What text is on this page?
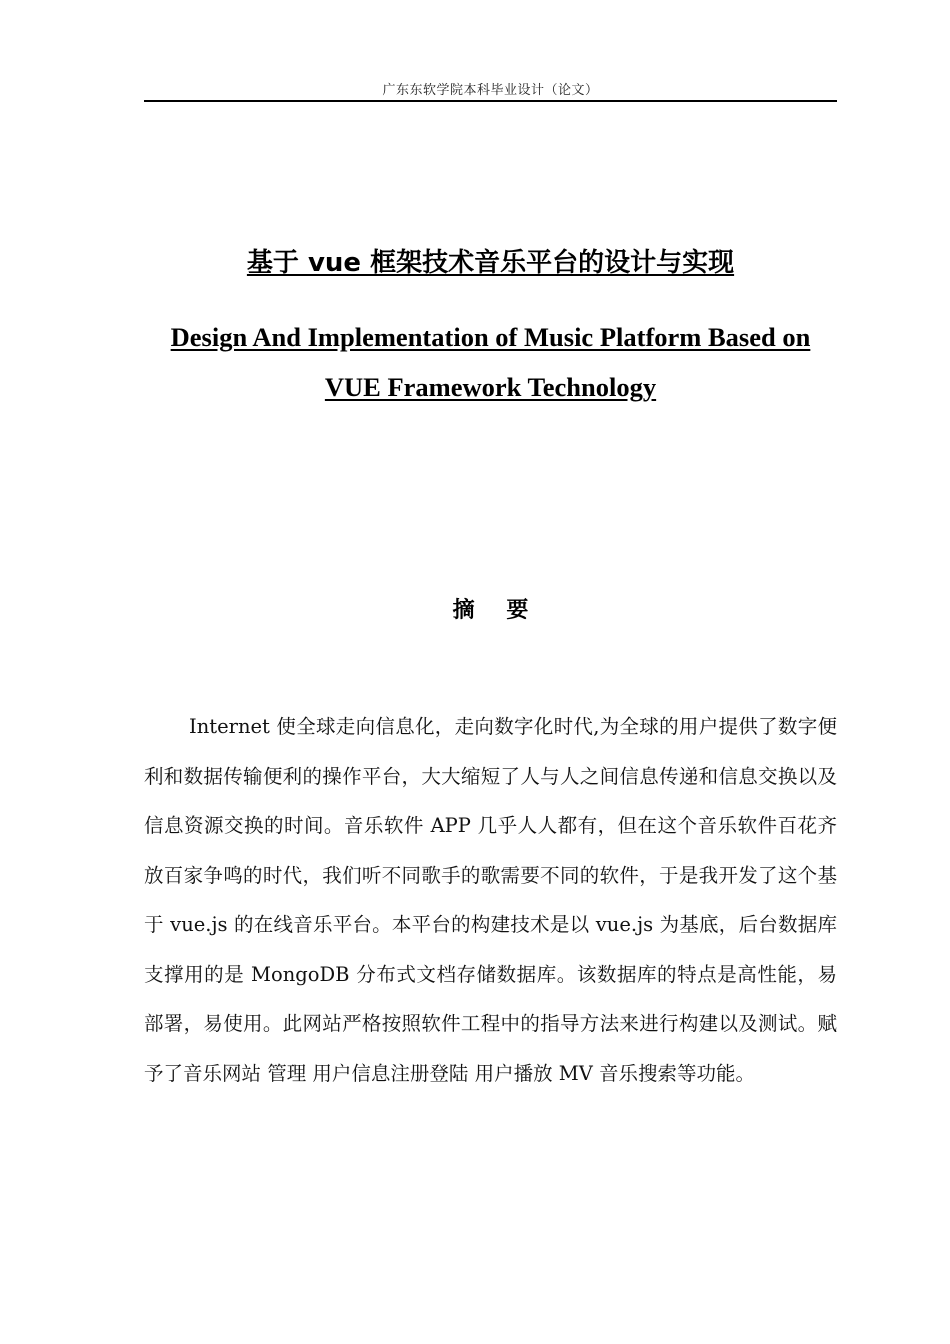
广东东软学院本科毕业设计（论文）
基于 vue 框架技术音乐平台的设计与实现
Design And Implementation of Music Platform Based on VUE Framework Technology
摘 要

Internet 使全球走向信息化，走向数字化时代,为全球的用户提供了数字便利和数据传输便利的操作平台，大大缩短了人与人之间信息传递和信息交换以及信息资源交换的时间。音乐软件 APP 几乎人人都有，但在这个音乐软件百花齐放百家争鸣的时代，我们听不同歌手的歌需要不同的软件，于是我开发了这个基于 vue.js 的在线音乐平台。本平台的构建技术是以 vue.js 为基底，后台数据库支撑用的是 MongoDB 分布式文档存储数据库。该数据库的特点是高性能，易部署，易使用。此网站严格按照软件工程中的指导方法来进行构建以及测试。赋予了音乐网站 管理 用户信息注册登陆 用户播放 MV 音乐搜索等功能。
